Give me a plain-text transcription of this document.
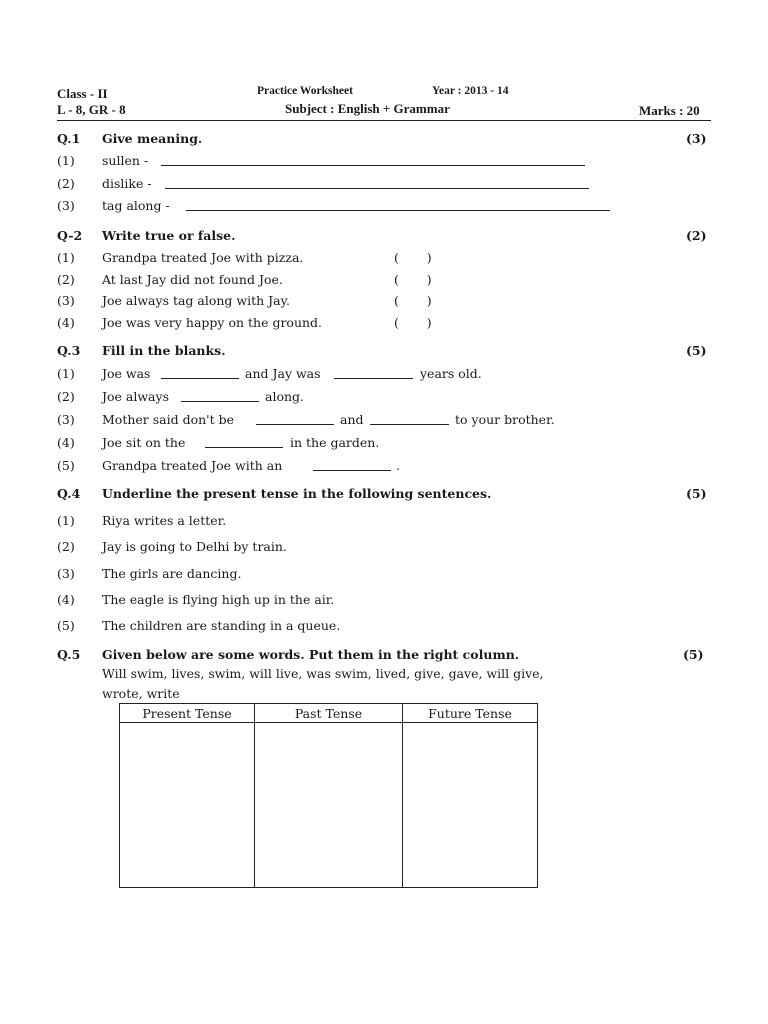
Class - II
L - 8, GR - 8
Practice Worksheet	Year : 2013 - 14
Subject : English + Grammar	Marks : 20
Q.1 Give meaning.	(3)
(1) sullen -
(2) dislike -
(3) tag along -
Q-2 Write true or false.	(2)
(1) Grandpa treated Joe with pizza.	(       )
(2) At last Jay did not found Joe.	(       )
(3) Joe always tag along with Jay.	(       )
(4) Joe was very happy on the ground.	(       )
Q.3 Fill in the blanks.	(5)
(1) Joe was	and Jay was	years old.
(2) Joe always	along.
(3) Mother said don't be	and	to your brother.
(4) Joe sit on the	in the garden.
(5) Grandpa treated Joe with an	.
Q.4 Underline the present tense in the following sentences.	(5)
(1) Riya writes a letter.
(2) Jay is going to Delhi by train.
(3) The girls are dancing.
(4) The eagle is flying high up in the air.
(5) The children are standing in a queue.
Q.5 Given below are some words. Put them in the right column.	(5)
Will swim, lives, swim, will live, was swim, lived, give, gave, will give,
wrote, write
Present Tense	Past Tense	Future Tense
